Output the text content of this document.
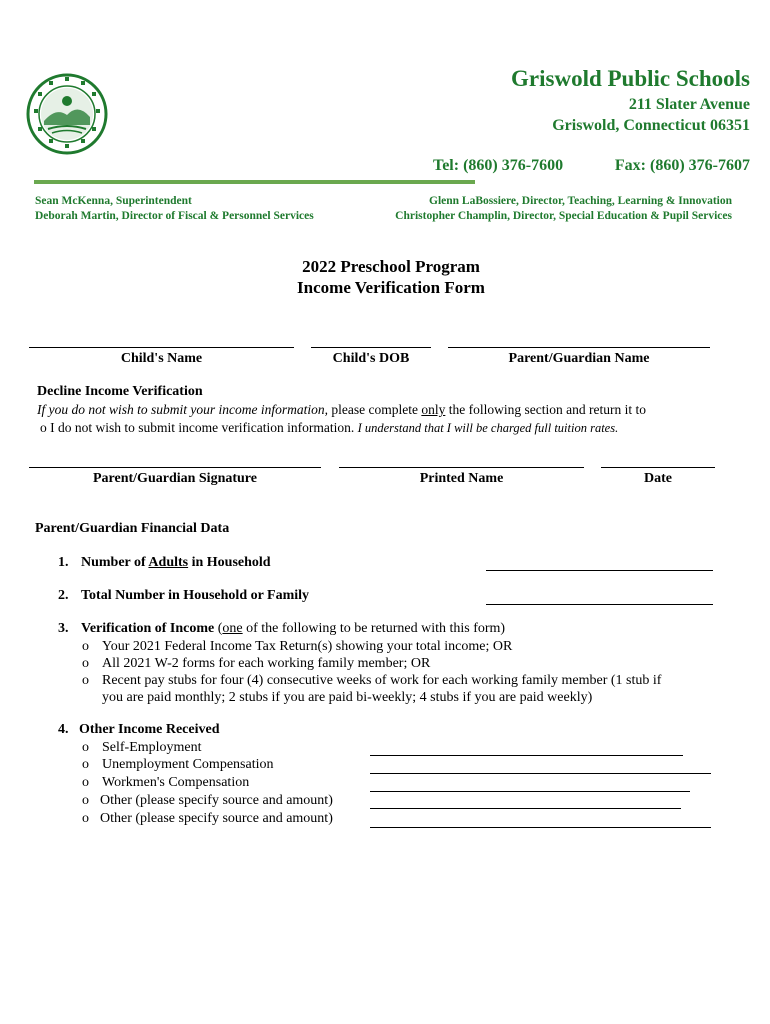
Griswold Public Schools
211 Slater Avenue
Griswold, Connecticut 06351
Tel: (860) 376-7600	Fax: (860) 376-7607
Sean McKenna, Superintendent
Deborah Martin, Director of Fiscal & Personnel Services
Glenn LaBossiere, Director, Teaching, Learning & Innovation
Christopher Champlin, Director, Special Education & Pupil Services
2022 Preschool Program
Income Verification Form
Child's Name	Child's DOB	Parent/Guardian Name
Decline Income Verification
If you do not wish to submit your income information, please complete only the following section and return it to
o I do not wish to submit income verification information. I understand that I will be charged full tuition rates.
Parent/Guardian Signature	Printed Name	Date
Parent/Guardian Financial Data
1. Number of Adults in Household
2. Total Number in Household or Family
3. Verification of Income (one of the following to be returned with this form)
o Your 2021 Federal Income Tax Return(s) showing your total income; OR
o All 2021 W-2 forms for each working family member; OR
o Recent pay stubs for four (4) consecutive weeks of work for each working family member (1 stub if
you are paid monthly; 2 stubs if you are paid bi-weekly; 4 stubs if you are paid weekly)
4. Other Income Received
o Self-Employment
o Unemployment Compensation
o Workmen's Compensation
o Other (please specify source and amount)
o Other (please specify source and amount)
